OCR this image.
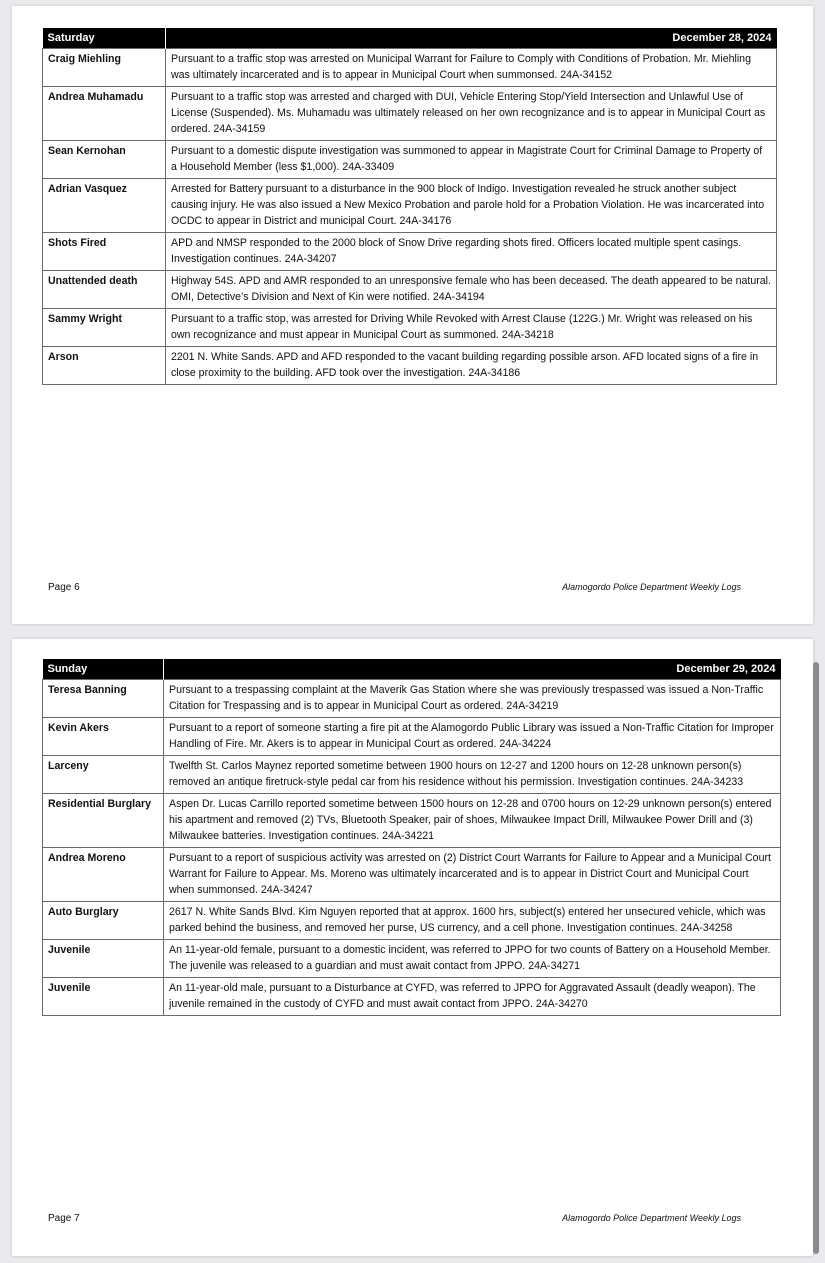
Saturday	December 28, 2024
Craig Miehling	Pursuant to a traffic stop was arrested on Municipal Warrant for Failure to Comply with Conditions of Probation. Mr. Miehling was ultimately incarcerated and is to appear in Municipal Court when summonsed. 24A-34152
Andrea Muhamadu	Pursuant to a traffic stop was arrested and charged with DUI, Vehicle Entering Stop/Yield Intersection and Unlawful Use of License (Suspended). Ms. Muhamadu was ultimately released on her own recognizance and is to appear in Municipal Court as ordered. 24A-34159
Sean Kernohan	Pursuant to a domestic dispute investigation was summoned to appear in Magistrate Court for Criminal Damage to Property of a Household Member (less $1,000). 24A-33409
Adrian Vasquez	Arrested for Battery pursuant to a disturbance in the 900 block of Indigo. Investigation revealed he struck another subject causing injury. He was also issued a New Mexico Probation and parole hold for a Probation Violation. He was incarcerated into OCDC to appear in District and municipal Court. 24A-34176
Shots Fired	APD and NMSP responded to the 2000 block of Snow Drive regarding shots fired. Officers located multiple spent casings. Investigation continues. 24A-34207
Unattended death	Highway 54S. APD and AMR responded to an unresponsive female who has been deceased. The death appeared to be natural. OMI, Detective’s Division and Next of Kin were notified. 24A-34194
Sammy Wright	Pursuant to a traffic stop, was arrested for Driving While Revoked with Arrest Clause (122G.) Mr. Wright was released on his own recognizance and must appear in Municipal Court as summoned. 24A-34218
Arson	2201 N. White Sands. APD and AFD responded to the vacant building regarding possible arson. AFD located signs of a fire in close proximity to the building. AFD took over the investigation. 24A-34186
Page 6	Alamogordo Police Department Weekly Logs
Sunday	December 29, 2024
Teresa Banning	Pursuant to a trespassing complaint at the Maverik Gas Station where she was previously trespassed was issued a Non-Traffic Citation for Trespassing and is to appear in Municipal Court as ordered. 24A-34219
Kevin Akers	Pursuant to a report of someone starting a fire pit at the Alamogordo Public Library was issued a Non-Traffic Citation for Improper Handling of Fire. Mr. Akers is to appear in Municipal Court as ordered. 24A-34224
Larceny	Twelfth St. Carlos Maynez reported sometime between 1900 hours on 12-27 and 1200 hours on 12-28 unknown person(s) removed an antique firetruck-style pedal car from his residence without his permission. Investigation continues. 24A-34233
Residential Burglary	Aspen Dr. Lucas Carrillo reported sometime between 1500 hours on 12-28 and 0700 hours on 12-29 unknown person(s) entered his apartment and removed (2) TVs, Bluetooth Speaker, pair of shoes, Milwaukee Impact Drill, Milwaukee Power Drill and (3) Milwaukee batteries. Investigation continues. 24A-34221
Andrea Moreno	Pursuant to a report of suspicious activity was arrested on (2) District Court Warrants for Failure to Appear and a Municipal Court Warrant for Failure to Appear. Ms. Moreno was ultimately incarcerated and is to appear in District Court and Municipal Court when summonsed. 24A-34247
Auto Burglary	2617 N. White Sands Blvd. Kim Nguyen reported that at approx. 1600 hrs, subject(s) entered her unsecured vehicle, which was parked behind the business, and removed her purse, US currency, and a cell phone. Investigation continues. 24A-34258
Juvenile	An 11-year-old female, pursuant to a domestic incident, was referred to JPPO for two counts of Battery on a Household Member. The juvenile was released to a guardian and must await contact from JPPO. 24A-34271
Juvenile	An 11-year-old male, pursuant to a Disturbance at CYFD, was referred to JPPO for Aggravated Assault (deadly weapon). The juvenile remained in the custody of CYFD and must await contact from JPPO. 24A-34270
Page 7	Alamogordo Police Department Weekly Logs
